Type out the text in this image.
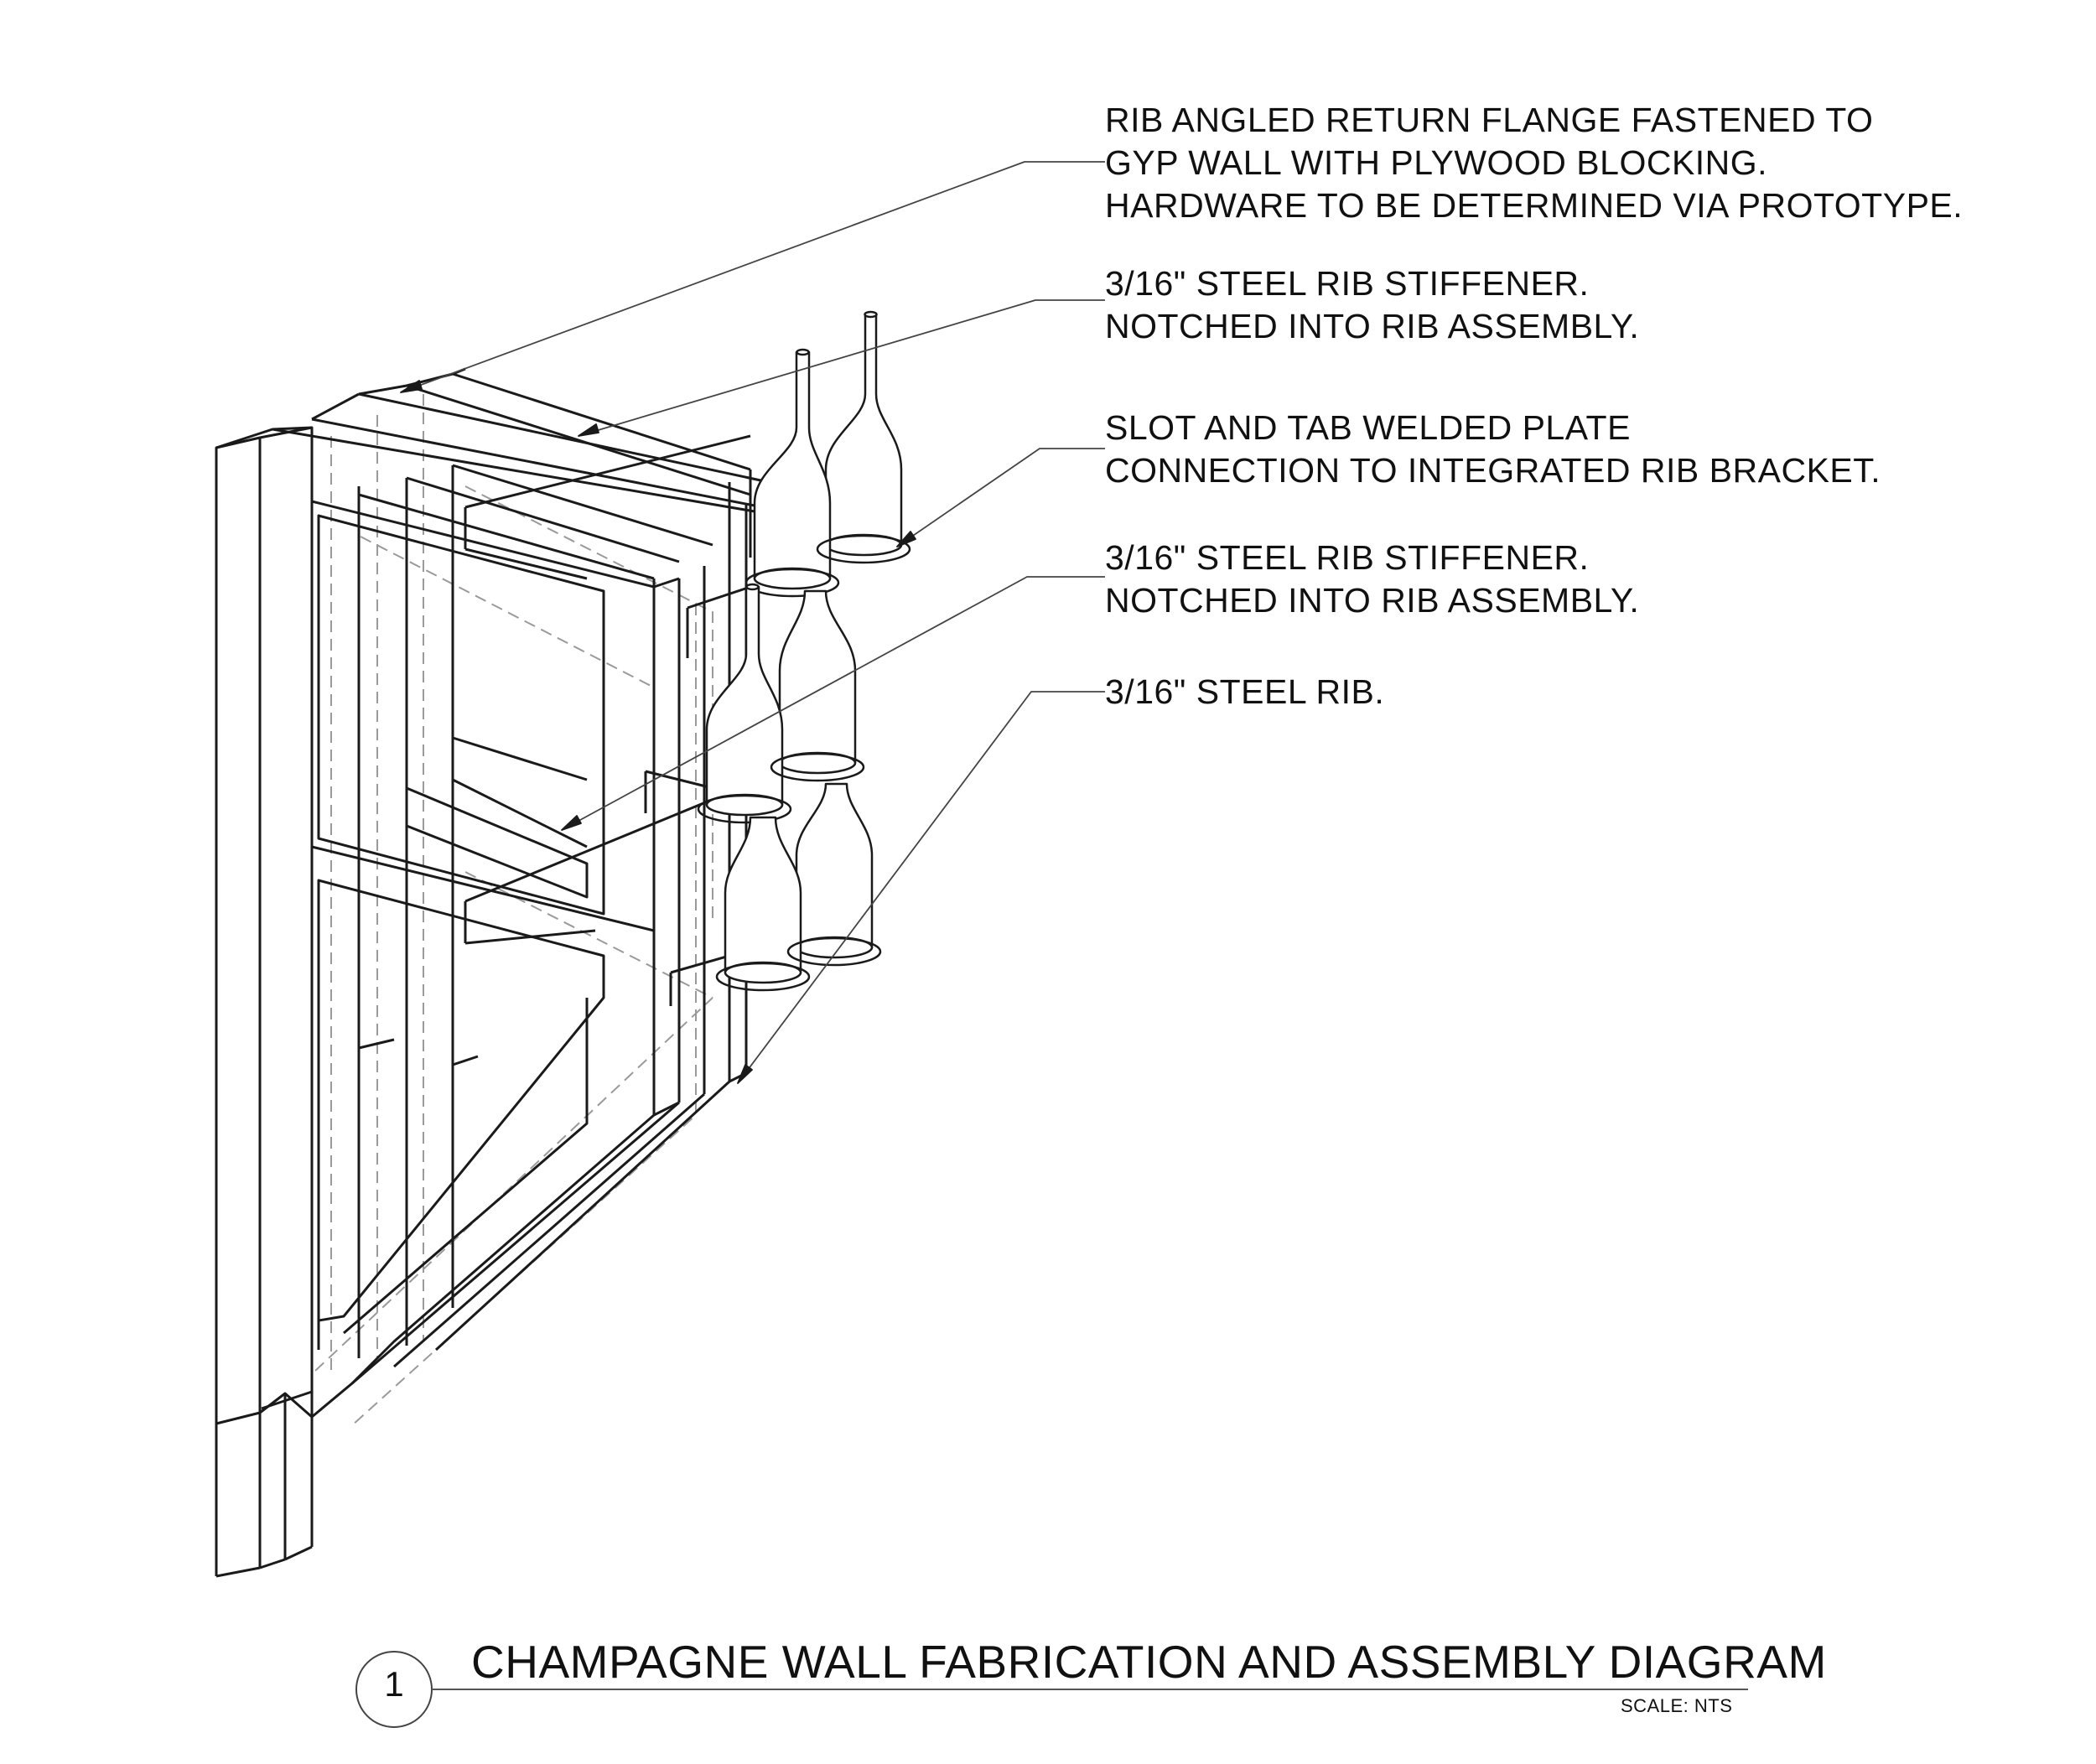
RIB ANGLED RETURN FLANGE FASTENED TO
GYP WALL WITH PLYWOOD BLOCKING.
HARDWARE TO BE DETERMINED VIA PROTOTYPE.
3/16" STEEL RIB STIFFENER.
NOTCHED INTO RIB ASSEMBLY.
SLOT AND TAB WELDED PLATE
CONNECTION TO INTEGRATED RIB BRACKET.
3/16" STEEL RIB STIFFENER.
NOTCHED INTO RIB ASSEMBLY.
3/16" STEEL RIB.
1	CHAMPAGNE WALL FABRICATION AND ASSEMBLY DIAGRAM
SCALE: NTS
